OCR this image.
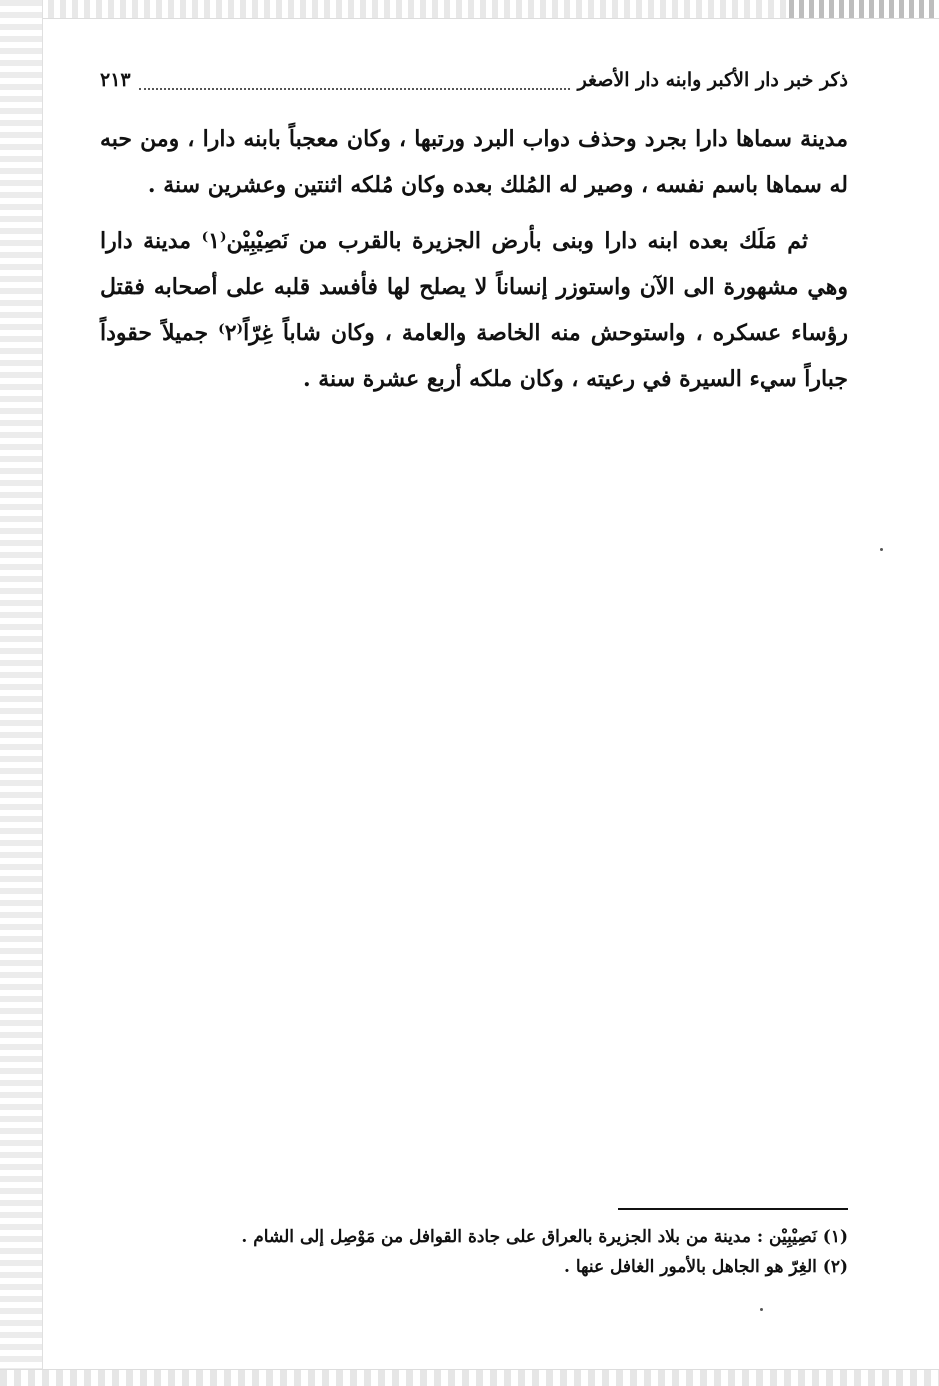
ذكر خبر دار الأكبر وابنه دار الأصغر
٢١٣

مدينة سماها دارا بجرد وحذف دواب البرد ورتبها ، وكان معجباً بابنه دارا ، ومن حبه له سماها باسم نفسه ، وصير له المُلك بعده وكان مُلكه اثنتين وعشرين سنة .

ثم مَلَك بعده ابنه دارا وبنى بأرض الجزيرة بالقرب من نَصِيْبِيْن⁽١⁾ مدينة دارا وهي مشهورة الى الآن واستوزر إنساناً لا يصلح لها فأفسد قلبه على أصحابه فقتل رؤساء عسكره ، واستوحش منه الخاصة والعامة ، وكان شاباً غِرّاً⁽٢⁾ جميلاً حقوداً جباراً سيء السيرة في رعيته ، وكان ملكه أربع عشرة سنة .

(١) نَصِيْبِيْن : مدينة من بلاد الجزيرة بالعراق على جادة القوافل من مَوْصِل إلى الشام .

(٢) الغِرّ هو الجاهل بالأمور الغافل عنها .
